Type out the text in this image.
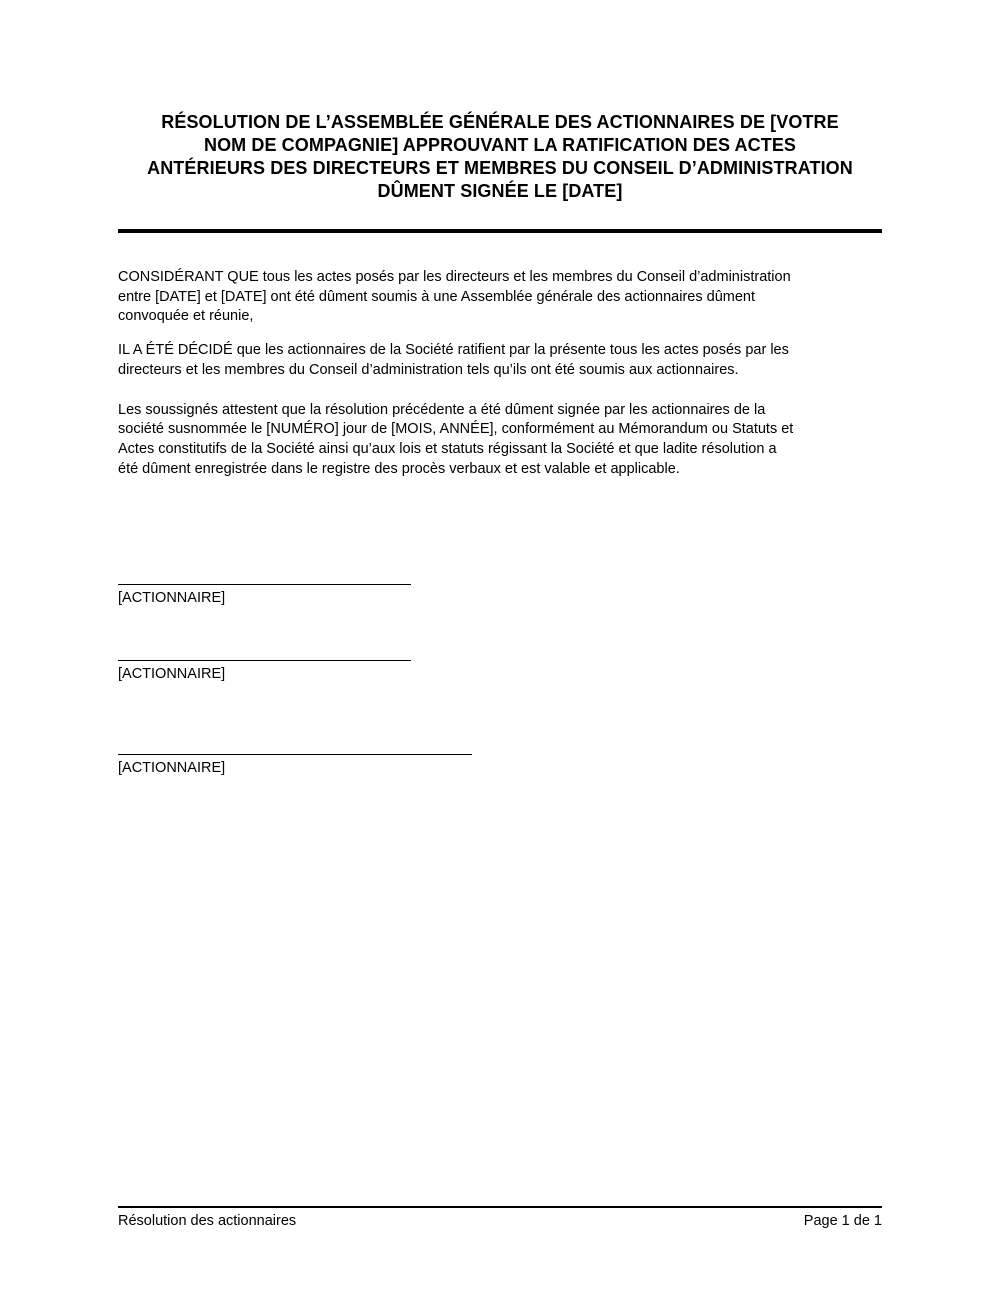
RÉSOLUTION DE L’ASSEMBLÉE GÉNÉRALE DES ACTIONNAIRES DE [VOTRE
NOM DE COMPAGNIE] APPROUVANT LA RATIFICATION DES ACTES
ANTÉRIEURS DES DIRECTEURS ET MEMBRES DU CONSEIL D’ADMINISTRATION
DÛMENT SIGNÉE LE [DATE]
CONSIDÉRANT QUE tous les actes posés par les directeurs et les membres du Conseil d’administration
entre [DATE] et [DATE] ont été dûment soumis à une Assemblée générale des actionnaires dûment
convoquée et réunie,
IL A ÉTÉ DÉCIDÉ que les actionnaires de la Société ratifient par la présente tous les actes posés par les
directeurs et les membres du Conseil d’administration tels qu’ils ont été soumis aux actionnaires.
Les soussignés attestent que la résolution précédente a été dûment signée par les actionnaires de la
société susnommée le [NUMÉRO] jour de [MOIS, ANNÉE], conformément au Mémorandum ou Statuts et
Actes constitutifs de la Société ainsi qu’aux lois et statuts régissant la Société et que ladite résolution a
été dûment enregistrée dans le registre des procès verbaux et est valable et applicable.
[ACTIONNAIRE]
[ACTIONNAIRE]
[ACTIONNAIRE]
Résolution des actionnaires	Page 1 de 1
